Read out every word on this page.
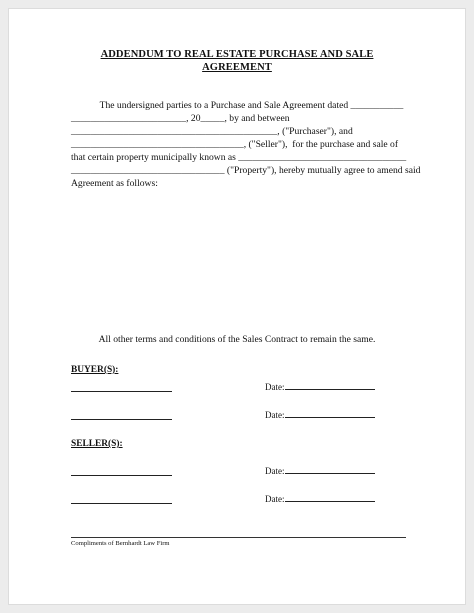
ADDENDUM TO REAL ESTATE PURCHASE AND SALE
AGREEMENT
The undersigned parties to a Purchase and Sale Agreement dated ___________
________________________, 20_____, by and between
___________________________________________, ("Purchaser"), and
____________________________________, ("Seller"),  for the purchase and sale of
that certain property municipally known as ___________________________________
________________________________ ("Property"), hereby mutually agree to amend said
Agreement as follows:
All other terms and conditions of the Sales Contract to remain the same.
BUYER(S):
Date:
Date:
SELLER(S):
Date:
Date:
Compliments of Bernhardt Law Firm
